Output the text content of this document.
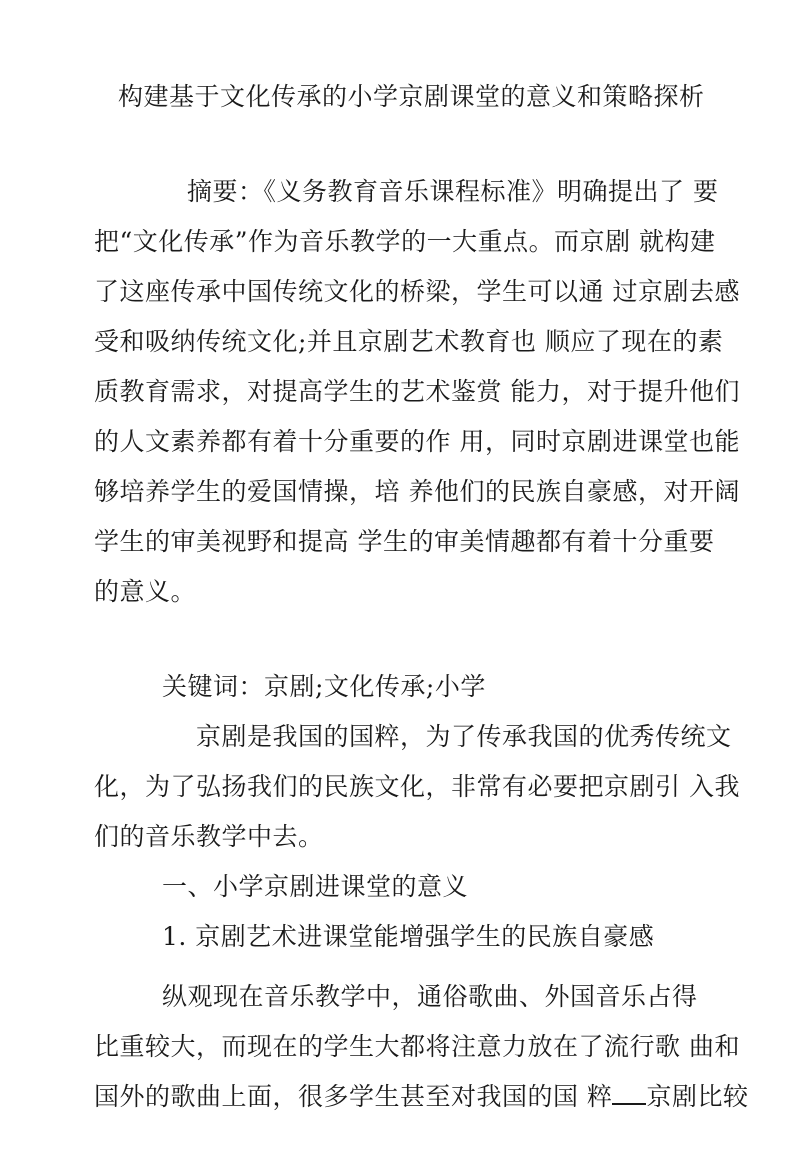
构建基于文化传承的小学京剧课堂的意义和策略探析
摘要：《义务教育音乐课程标准》明确提出了 要
把“文化传承”作为音乐教学的一大重点。而京剧 就构建
了这座传承中国传统文化的桥梁，学生可以通 过京剧去感
受和吸纳传统文化;并且京剧艺术教育也 顺应了现在的素
质教育需求，对提高学生的艺术鉴赏 能力，对于提升他们
的人文素养都有着十分重要的作 用，同时京剧进课堂也能
够培养学生的爱国情操，培 养他们的民族自豪感，对开阔
学生的审美视野和提高 学生的审美情趣都有着十分重要
的意义。
关键词：京剧;文化传承;小学
京剧是我国的国粹，为了传承我国的优秀传统文
化，为了弘扬我们的民族文化，非常有必要把京剧引 入我
们的音乐教学中去。
一、小学京剧进课堂的意义
1. 京剧艺术进课堂能增强学生的民族自豪感
纵观现在音乐教学中，通俗歌曲、外国音乐占得
比重较大，而现在的学生大都将注意力放在了流行歌 曲和
国外的歌曲上面，很多学生甚至对我国的国 粹 京剧比较
